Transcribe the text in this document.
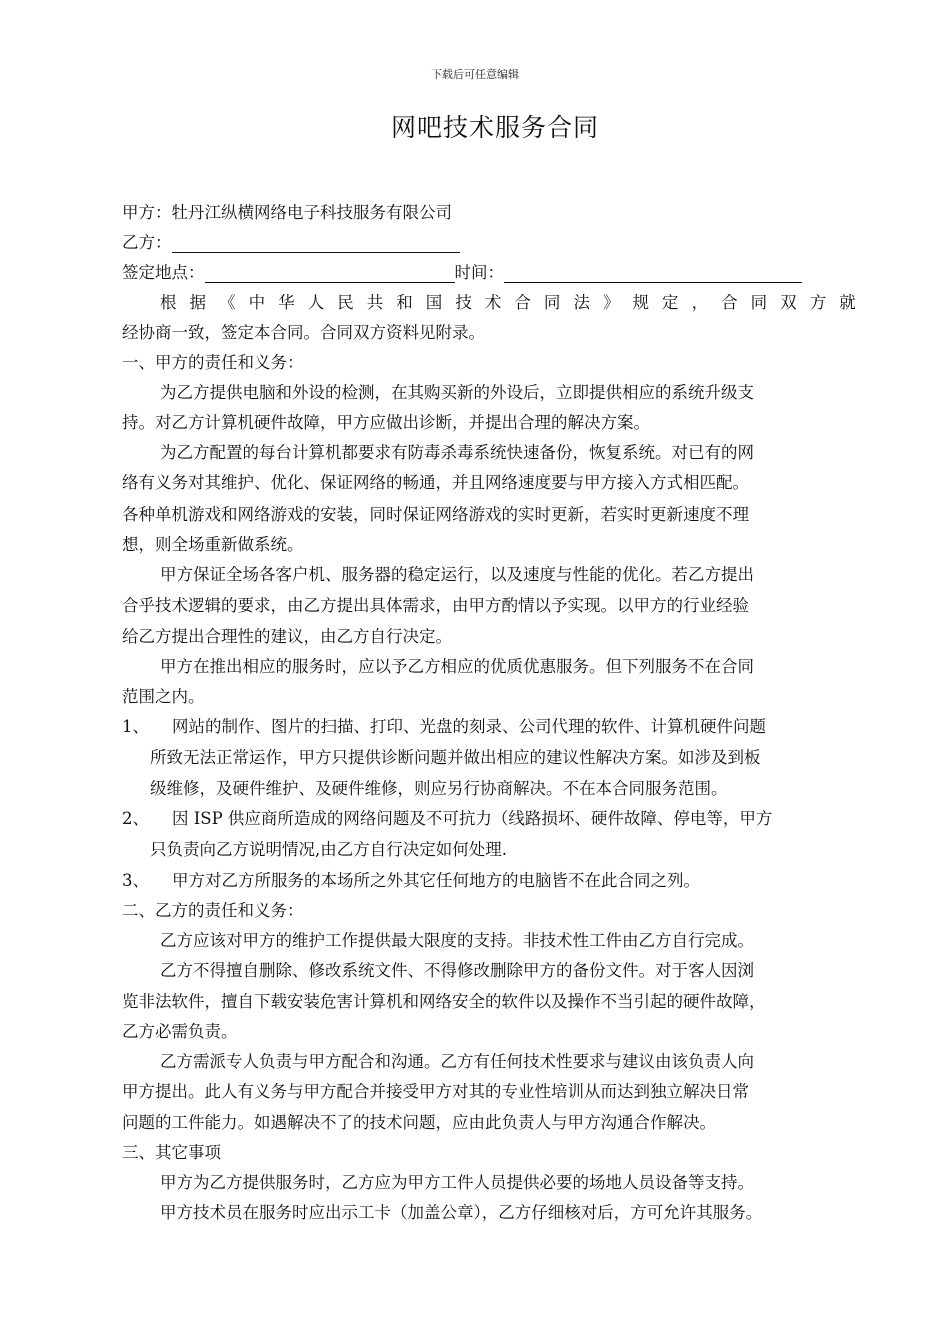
下载后可任意编辑
网吧技术服务合同
甲方：牡丹江纵横网络电子科技服务有限公司
乙方：
签定地点：	时间：
根 据 《 中 华 人 民 共 和 国 技 术 合 同 法 》 规 定 ， 合 同 双 方 就
经协商一致，签定本合同。合同双方资料见附录。
一、甲方的责任和义务：
为乙方提供电脑和外设的检测，在其购买新的外设后，立即提供相应的系统升级支
持。对乙方计算机硬件故障，甲方应做出诊断，并提出合理的解决方案。
为乙方配置的每台计算机都要求有防毒杀毒系统快速备份，恢复系统。对已有的网
络有义务对其维护、优化、保证网络的畅通，并且网络速度要与甲方接入方式相匹配。
各种单机游戏和网络游戏的安装，同时保证网络游戏的实时更新，若实时更新速度不理
想，则全场重新做系统。
甲方保证全场各客户机、服务器的稳定运行，以及速度与性能的优化。若乙方提出
合乎技术逻辑的要求，由乙方提出具体需求，由甲方酌情以予实现。以甲方的行业经验
给乙方提出合理性的建议，由乙方自行决定。
甲方在推出相应的服务时，应以予乙方相应的优质优惠服务。但下列服务不在合同
范围之内。
1、 网站的制作、图片的扫描、打印、光盘的刻录、公司代理的软件、计算机硬件问题
所致无法正常运作，甲方只提供诊断问题并做出相应的建议性解决方案。如涉及到板
级维修，及硬件维护、及硬件维修，则应另行协商解决。不在本合同服务范围。
2、 因 ISP 供应商所造成的网络问题及不可抗力（线路损坏、硬件故障、停电等，甲方
只负责向乙方说明情况,由乙方自行决定如何处理.
3、 甲方对乙方所服务的本场所之外其它任何地方的电脑皆不在此合同之列。
二、乙方的责任和义务：
乙方应该对甲方的维护工作提供最大限度的支持。非技术性工件由乙方自行完成。
乙方不得擅自删除、修改系统文件、不得修改删除甲方的备份文件。对于客人因浏
览非法软件，擅自下载安装危害计算机和网络安全的软件以及操作不当引起的硬件故障，
乙方必需负责。
乙方需派专人负责与甲方配合和沟通。乙方有任何技术性要求与建议由该负责人向
甲方提出。此人有义务与甲方配合并接受甲方对其的专业性培训从而达到独立解决日常
问题的工件能力。如遇解决不了的技术问题，应由此负责人与甲方沟通合作解决。
三、其它事项
甲方为乙方提供服务时，乙方应为甲方工件人员提供必要的场地人员设备等支持。
甲方技术员在服务时应出示工卡（加盖公章），乙方仔细核对后，方可允许其服务。
